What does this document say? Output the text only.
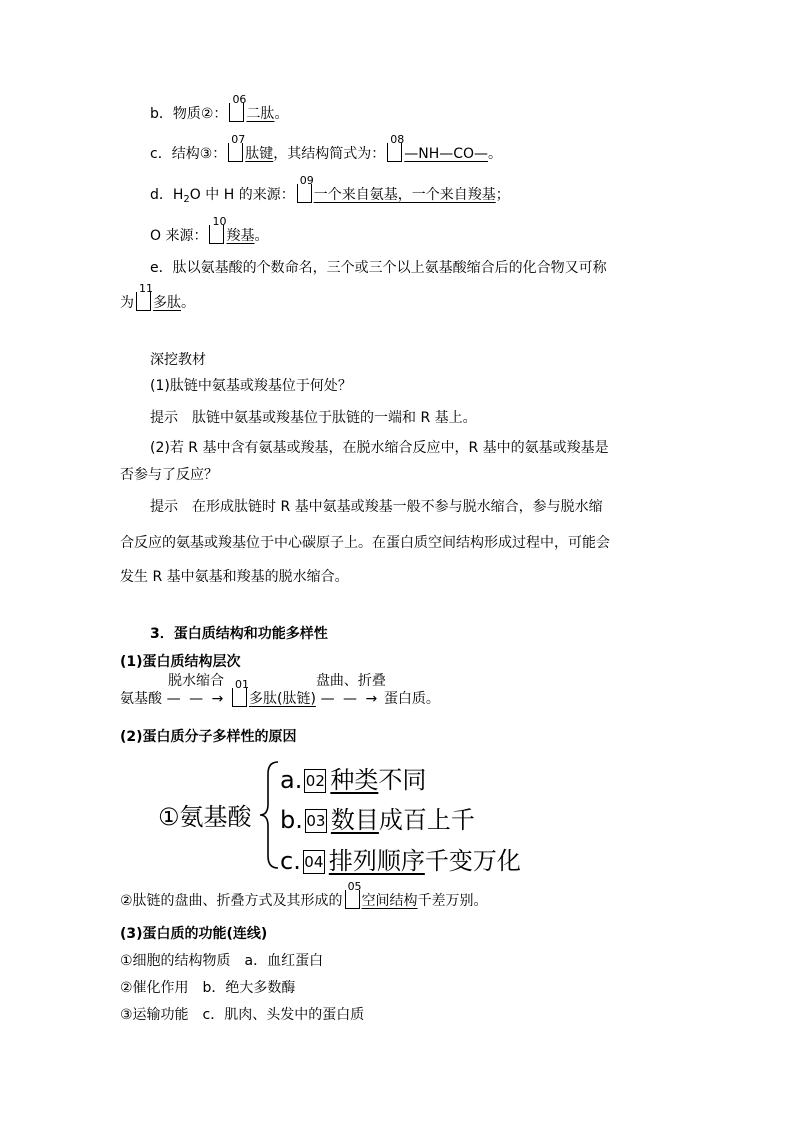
b．物质②：
06
二肽。
c．结构③：
07
肽键，其结构简式为：
08
—NH—CO—。
d．$H_2O$ 中 H 的来源：
09
一个来自氨基，一个来自羧基；
O 来源：
10
羧基。
e．肽以氨基酸的个数命名，三个或三个以上氨基酸缩合后的化合物又可称
为
11
多肽。
深挖教材
(1)肽链中氨基或羧基位于何处？
提示　肽链中氨基或羧基位于肽链的一端和 R 基上。
(2)若 R 基中含有氨基或羧基，在脱水缩合反应中，R 基中的氨基或羧基是
否参与了反应？
提示　在形成肽链时 R 基中氨基或羧基一般不参与脱水缩合，参与脱水缩
合反应的氨基或羧基位于中心碳原子上。在蛋白质空间结构形成过程中，可能会
发生 R 基中氨基和羧基的脱水缩合。
3．蛋白质结构和功能多样性
(1)蛋白质结构层次
氨基酸
脱水缩合
— — →
01
多肽(肽链)
盘曲、折叠
— — → 蛋白质。
(2)蛋白质分子多样性的原因
①氨基酸
a. 02 种类不同
b. 03 数目成百上千
c. 04 排列顺序千变万化
②肽链的盘曲、折叠方式及其形成的
05
空间结构千差万别。
(3)蛋白质的功能(连线)
①细胞的结构物质　a．血红蛋白
②催化作用　b．绝大多数酶
③运输功能　c．肌肉、头发中的蛋白质
